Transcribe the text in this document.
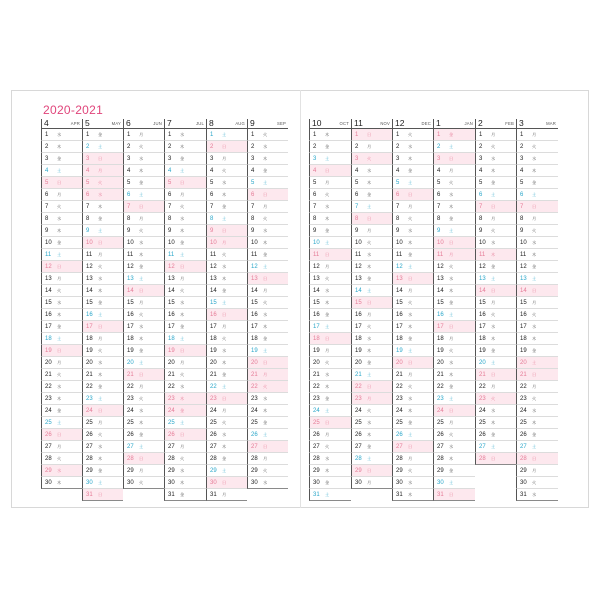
2020-2021
4	APR
1 水
2 木
3 金
4 土
5 日
6 月
7 火
8 水
9 木
10 金
11 土
12 日
13 月
14 火
15 水
16 木
17 金
18 土
19 日
20 月
21 火
22 水
23 木
24 金
25 土
26 日
27 月
28 火
29 水
30 木
5	MAY
1 金
2 土
3 日
4 月
5 火
6 水
7 木
8 金
9 土
10 日
11 月
12 火
13 水
14 木
15 金
16 土
17 日
18 月
19 火
20 水
21 木
22 金
23 土
24 日
25 月
26 火
27 水
28 木
29 金
30 土
31 日
6	JUN
1 月
2 火
3 水
4 木
5 金
6 土
7 日
8 月
9 火
10 水
11 木
12 金
13 土
14 日
15 月
16 火
17 水
18 木
19 金
20 土
21 日
22 月
23 火
24 水
25 木
26 金
27 土
28 日
29 月
30 火
7	JUL
1 水
2 木
3 金
4 土
5 日
6 月
7 火
8 水
9 木
10 金
11 土
12 日
13 月
14 火
15 水
16 木
17 金
18 土
19 日
20 月
21 火
22 水
23 木
24 金
25 土
26 日
27 月
28 火
29 水
30 木
31 金
8	AUG
1 土
2 日
3 月
4 火
5 水
6 木
7 金
8 土
9 日
10 月
11 火
12 水
13 木
14 金
15 土
16 日
17 月
18 火
19 水
20 木
21 金
22 土
23 日
24 月
25 火
26 水
27 木
28 金
29 土
30 日
31 月
9	SEP
1 火
2 水
3 木
4 金
5 土
6 日
7 月
8 火
9 水
10 木
11 金
12 土
13 日
14 月
15 火
16 水
17 木
18 金
19 土
20 日
21 月
22 火
23 水
24 木
25 金
26 土
27 日
28 月
29 火
30 水
10	OCT
1 木
2 金
3 土
4 日
5 月
6 火
7 水
8 木
9 金
10 土
11 日
12 月
13 火
14 水
15 木
16 金
17 土
18 日
19 月
20 火
21 水
22 木
23 金
24 土
25 日
26 月
27 火
28 水
29 木
30 金
31 土
11	NOV
1 日
2 月
3 火
4 水
5 木
6 金
7 土
8 日
9 月
10 火
11 水
12 木
13 金
14 土
15 日
16 月
17 火
18 水
19 木
20 金
21 土
22 日
23 月
24 火
25 水
26 木
27 金
28 土
29 日
30 月
12	DEC
1 火
2 水
3 木
4 金
5 土
6 日
7 月
8 火
9 水
10 木
11 金
12 土
13 日
14 月
15 火
16 水
17 木
18 金
19 土
20 日
21 月
22 火
23 水
24 木
25 金
26 土
27 日
28 月
29 火
30 水
31 木
1	JAN
1 金
2 土
3 日
4 月
5 火
6 水
7 木
8 金
9 土
10 日
11 月
12 火
13 水
14 木
15 金
16 土
17 日
18 月
19 火
20 水
21 木
22 金
23 土
24 日
25 月
26 火
27 水
28 木
29 金
30 土
31 日
2	FEB
1 月
2 火
3 水
4 木
5 金
6 土
7 日
8 月
9 火
10 水
11 木
12 金
13 土
14 日
15 月
16 火
17 水
18 木
19 金
20 土
21 日
22 月
23 火
24 水
25 木
26 金
27 土
28 日
3	MAR
1 月
2 火
3 水
4 木
5 金
6 土
7 日
8 月
9 火
10 水
11 木
12 金
13 土
14 日
15 月
16 火
17 水
18 木
19 金
20 土
21 日
22 月
23 火
24 水
25 木
26 金
27 土
28 日
29 月
30 火
31 水
